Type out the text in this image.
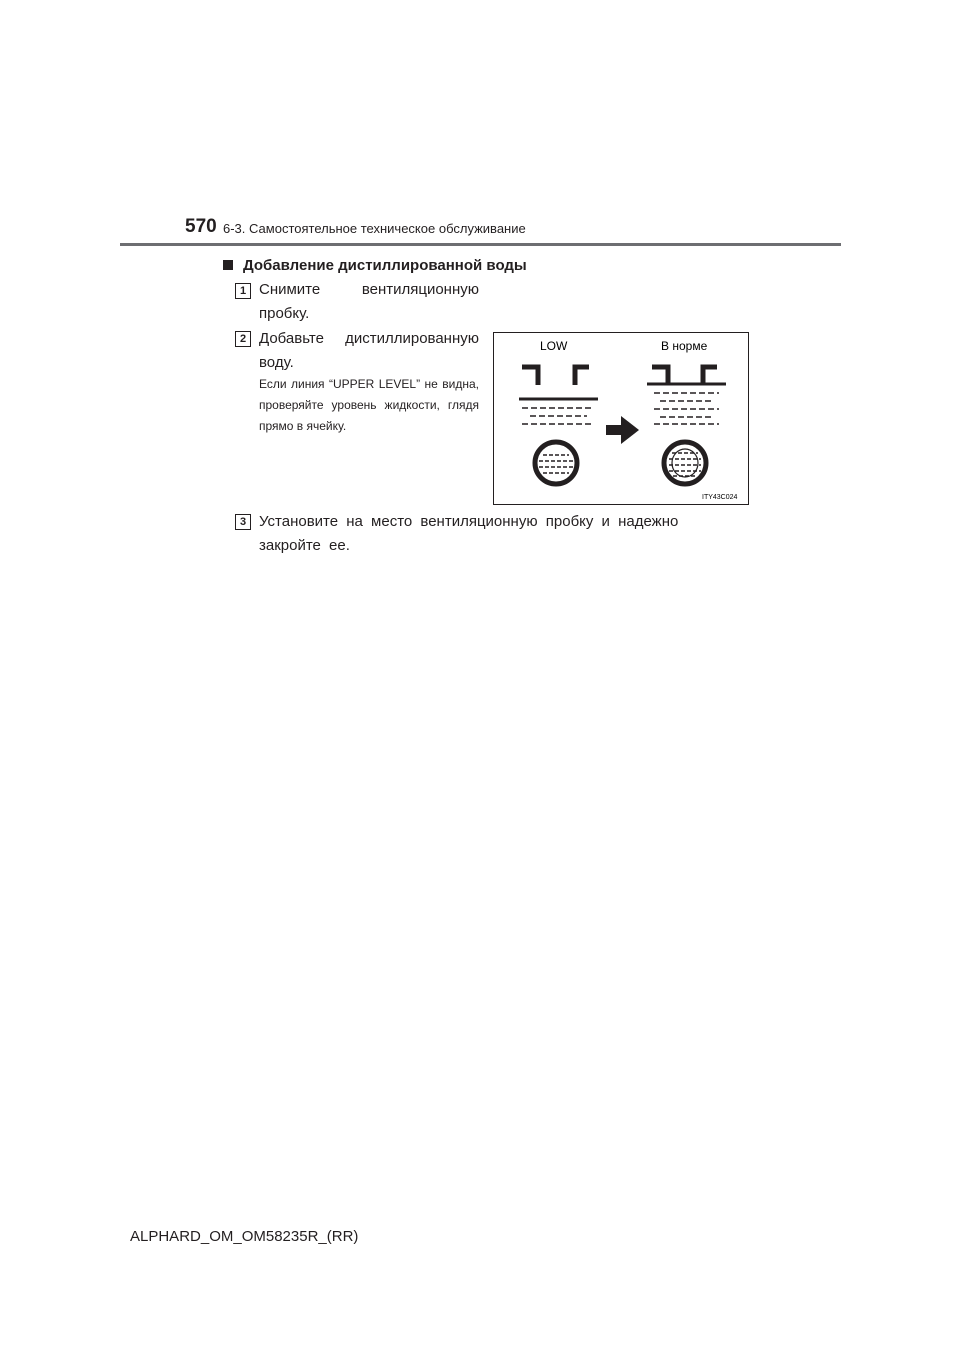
570 6-3. Самостоятельное техническое обслуживание
Добавление дистиллированной воды
1 Снимите вентиляционную пробку.
2 Добавьте дистиллированную воду.
Если линия “UPPER LEVEL” не видна, проверяйте уровень жидкости, глядя прямо в ячейку.
LOW	В норме
ITY43C024
3 Установите на место вентиляционную пробку и надежно закройте ее.
ALPHARD_OM_OM58235R_(RR)
carmanualsonline.info
